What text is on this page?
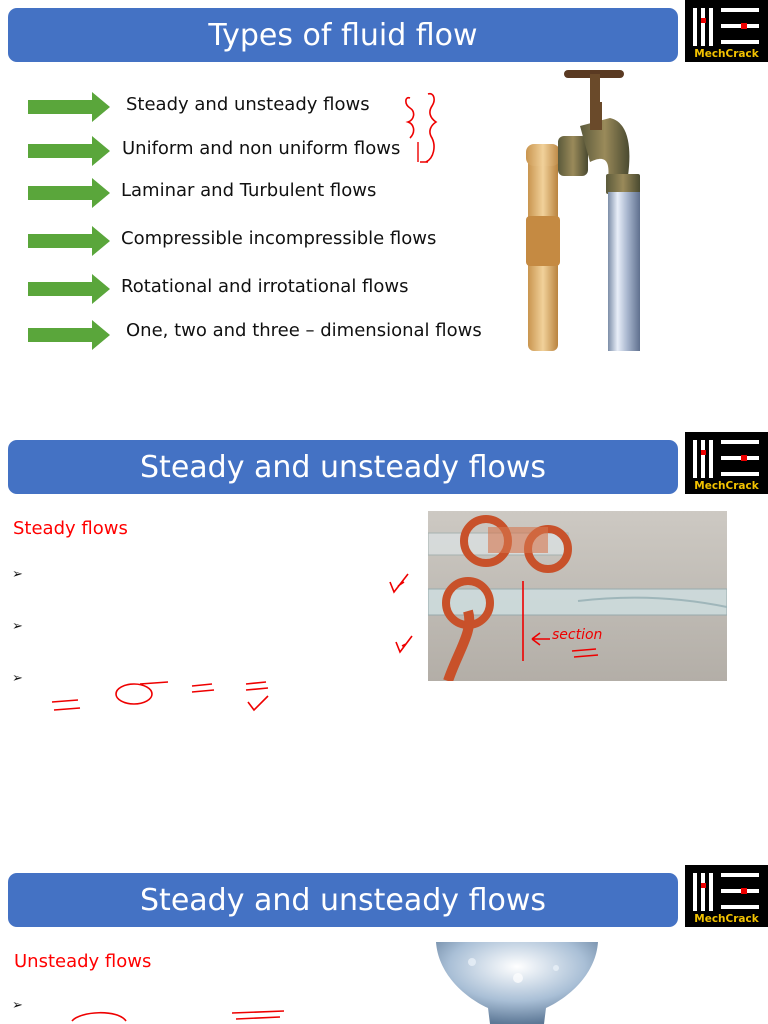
Types of fluid flow
MechCrack
Steady and unsteady flows
Uniform and non uniform flows
Laminar and Turbulent flows
Compressible incompressible flows
Rotational and irrotational flows
One, two and three – dimensional flows
Steady and unsteady flows
MechCrack
Steady flows
➢
➢
➢
section
Steady and unsteady flows
MechCrack
Unsteady flows
➢
